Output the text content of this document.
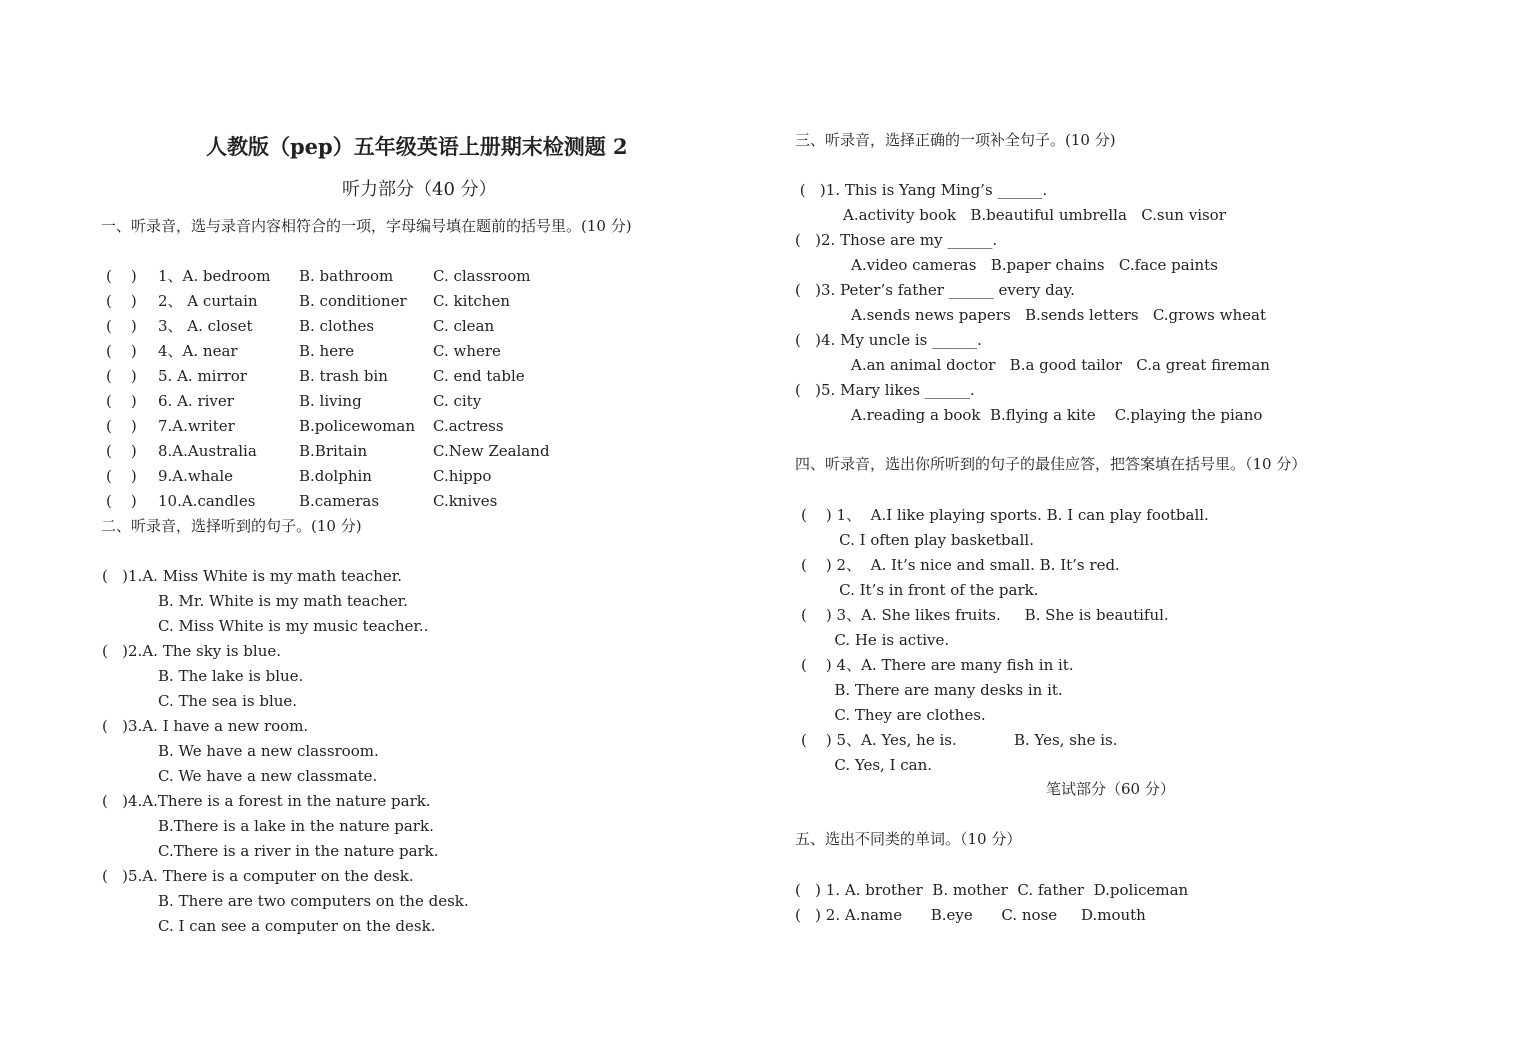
人教版（pep）五年级英语上册期末检测题 2
听力部分（40 分）
一、听录音，选与录音内容相符合的一项，字母编号填在题前的括号里。(10 分)
(    ) 1、A. bedroom B. bathroom	C. classroom
(    ) 2、 A curtain	B. conditioner C. kitchen
(    ) 3、 A. closet	B. clothes	C. clean
(    ) 4、A. near	B. here	C. where
(    ) 5. A. mirror	B. trash bin	C. end table
(    ) 6. A. river	B. living	C. city
(    ) 7.A.writer	B.policewoman C.actress
(    ) 8.A.Australia	B.Britain	C.New Zealand
(    ) 9.A.whale	B.dolphin	C.hippo
(    ) 10.A.candles	B.cameras	C.knives
二、听录音，选择听到的句子。(10 分)
(   )1.A. Miss White is my math teacher.
B. Mr. White is my math teacher.
C. Miss White is my music teacher..
(   )2.A. The sky is blue.
B. The lake is blue.
C. The sea is blue.
(   )3.A. I have a new room.
B. We have a new classroom.
C. We have a new classmate.
(   )4.A.There is a forest in the nature park.
B.There is a lake in the nature park.
C.There is a river in the nature park.
(   )5.A. There is a computer on the desk.
B. There are two computers on the desk.
C. I can see a computer on the desk.
三、听录音，选择正确的一项补全句子。(10 分)
(   )1. This is Yang Ming’s ______.
A.activity book   B.beautiful umbrella   C.sun visor
(   )2. Those are my ______.
A.video cameras   B.paper chains   C.face paints
(   )3. Peter’s father ______ every day.
A.sends news papers   B.sends letters   C.grows wheat
(   )4. My uncle is ______.
A.an animal doctor   B.a good tailor   C.a great fireman
(   )5. Mary likes ______.
A.reading a book  B.flying a kite    C.playing the piano
四、听录音，选出你所听到的句子的最佳应答，把答案填在括号里。（10 分）
(    ) 1、  A.I like playing sports. B. I can play football.
C. I often play basketball.
(    ) 2、  A. It’s nice and small. B. It’s red.
C. It’s in front of the park.
(    ) 3、A. She likes fruits.     B. She is beautiful.
C. He is active.
(    ) 4、A. There are many fish in it.
B. There are many desks in it.
C. They are clothes.
(    ) 5、A. Yes, he is.            B. Yes, she is.
C. Yes, I can.
笔试部分（60 分）
五、选出不同类的单词。（10 分）
(   ) 1. A. brother  B. mother  C. father  D.policeman
(   ) 2. A.name      B.eye      C. nose     D.mouth
